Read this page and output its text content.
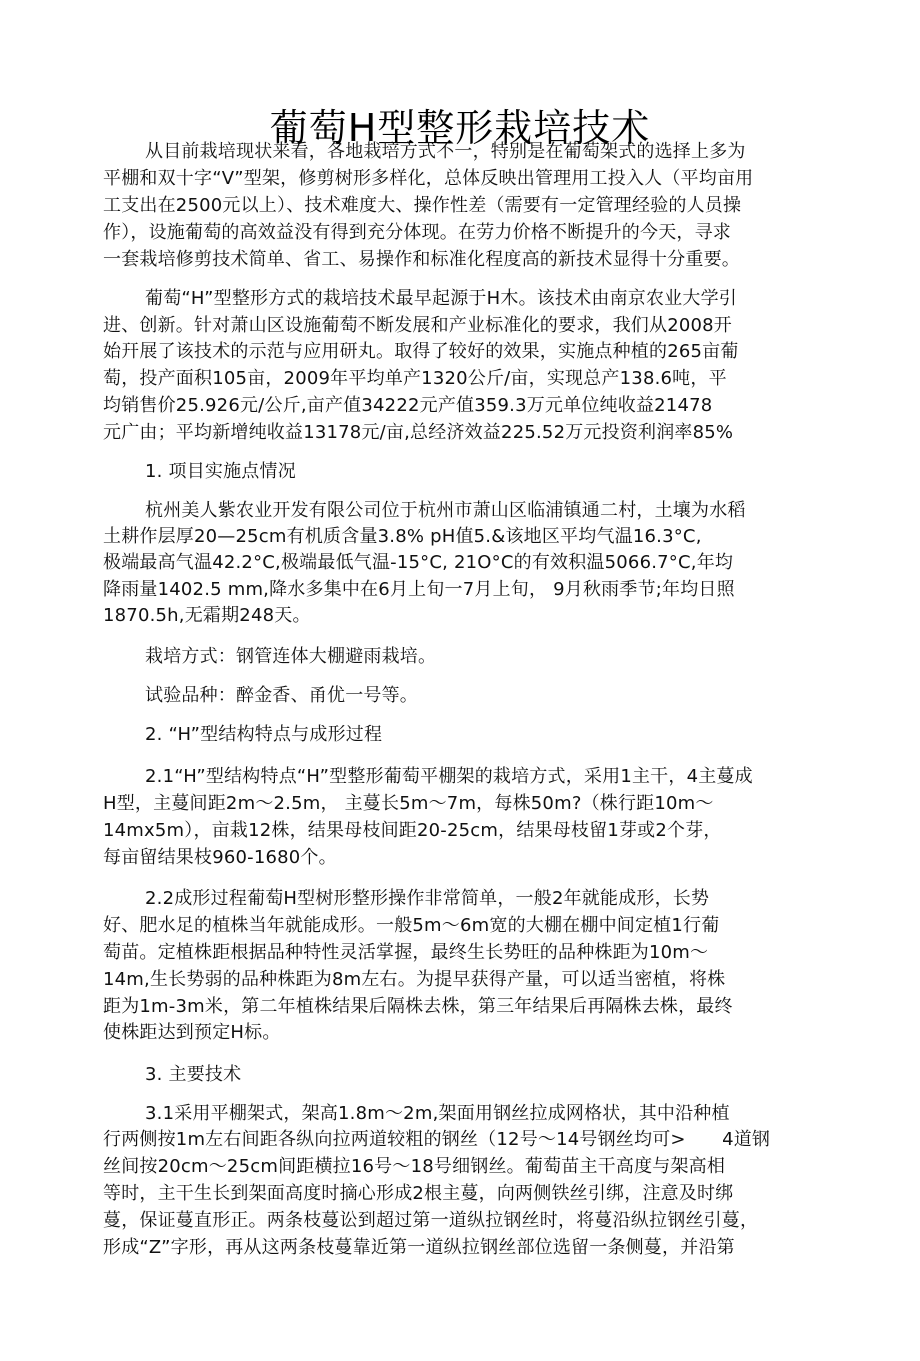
葡萄H型整形栽培技术
从目前栽培现状来看，各地栽培方式不一，特别是在葡萄架式的选择上多为
平棚和双十字“V”型架，修剪树形多样化，总体反映出管理用工投入人（平均亩用
工支出在2500元以上）、技术难度大、操作性差（需要有一定管理经验的人员操
作），设施葡萄的高效益没有得到充分体现。在劳力价格不断提升的今天，寻求
一套栽培修剪技术简单、省工、易操作和标准化程度高的新技术显得十分重要。
葡萄“H”型整形方式的栽培技术最早起源于H木。该技术由南京农业大学引
进、创新。针对萧山区设施葡萄不断发展和产业标准化的要求，我们从2008开
始幵展了该技术的示范与应用研丸。取得了较好的效果，实施点种植的265亩葡
萄，投产面积105亩，2009年平均单产1320公斤/亩，实现总产138.6吨，平
均销售价25.926元/公斤,亩产值34222元产值359.3万元单位纯收益21478
元广由；平均新增纯收益13178元/亩,总经济效益225.52万元投资利润率85%
1. 项目实施点情况
杭州美人紫农业开发有限公司位于杭州市萧山区临浦镇通二村，土壤为水稻
土耕作层厚20—25cm有机质含量3.8% pH值5.&该地区平均气温16.3°C,
极端最高气温42.2°C,极端最低气温-15°C, 21O°C的有效积温5066.7°C,年均
降雨量1402.5 mm,降水多集中在6月上旬一7月上旬， 9月秋雨季节;年均日照
1870.5h,无霜期248天。
栽培方式：钢管连体大棚避雨栽培。
试验品种：醉金香、甬优一号等。
2. “H”型结构特点与成形过程
2.1“H”型结构特点“H”型整形葡萄平棚架的栽培方式，采用1主干，4主蔓成
H型，主蔓间距2m～2.5m， 主蔓长5m～7m，每株50m?（株行距10m～
14mx5m），亩栽12株，结果母枝间距20-25cm，结果母枝留1芽或2个芽，
每亩留结果枝960-1680个。
2.2成形过程葡萄H型树形整形操作非常简单，一般2年就能成形，长势
好、肥水足的植株当年就能成形。一般5m～6m宽的大棚在棚中间定植1行葡
萄苗。定植株距根据品种特性灵活掌握，最终生长势旺的品种株距为10m～
14m,生长势弱的品种株距为8m左右。为提早获得产量，可以适当密植，将株
距为1m-3m米，第二年植株结果后隔株去株，第三年结果后再隔株去株，最终
使株距达到预定H标。
3. 主要技术
3.1采用平棚架式，架高1.8m～2m,架面用钢丝拉成网格状，其中沿种植
行两侧按1m左右间距各纵向拉两道较粗的钢丝（12号～14号钢丝均可>　　4道钢
丝间按20cm～25cm间距横拉16号～18号细钢丝。葡萄苗主干高度与架高相
等时，主干生长到架面高度时摘心形成2根主蔓，向两侧铁丝引绑，注意及时绑
蔓，保证蔓直形正。两条枝蔓讼到超过第一道纵拉钢丝时，将蔓沿纵拉钢丝引蔓，
形成“Z”字形，再从这两条枝蔓靠近第一道纵拉钢丝部位选留一条侧蔓，并沿第
